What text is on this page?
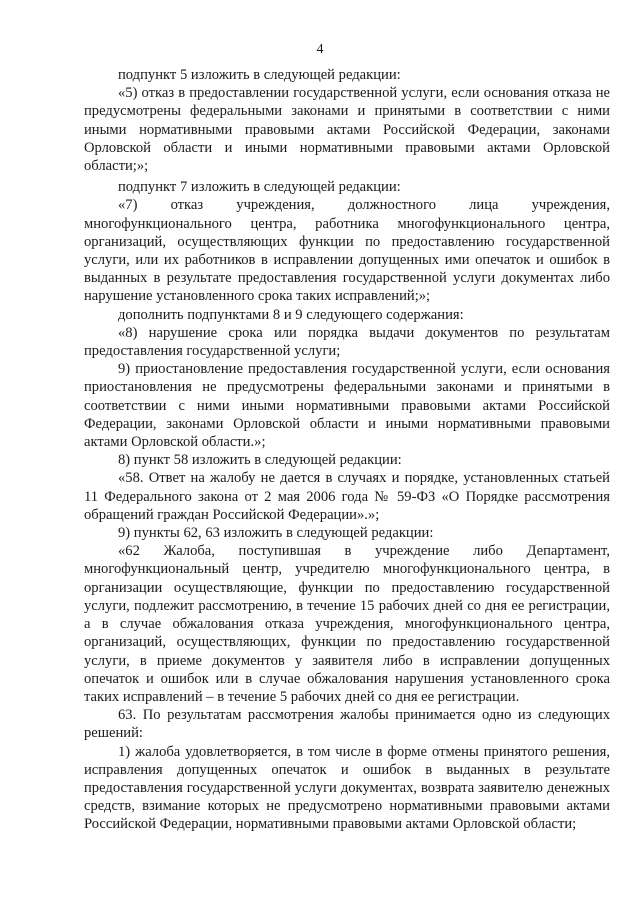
4

подпункт 5 изложить в следующей редакции:

«5) отказ в предоставлении государственной услуги, если основания отказа не предусмотрены федеральными законами и принятыми в соответствии с ними иными нормативными правовыми актами Российской Федерации, законами Орловской области и иными нормативными правовыми актами Орловской области;»;

подпункт 7 изложить в следующей редакции:

«7) отказ учреждения, должностного лица учреждения, многофункционального центра, работника многофункционального центра, организаций, осуществляющих функции по предоставлению государственной услуги, или их работников в исправлении допущенных ими опечаток и ошибок в выданных в результате предоставления государственной услуги документах либо нарушение установленного срока таких исправлений;»;

дополнить подпунктами 8 и 9 следующего содержания:

«8) нарушение срока или порядка выдачи документов по результатам предоставления государственной услуги;

9) приостановление предоставления государственной услуги, если основания приостановления не предусмотрены федеральными законами и принятыми в соответствии с ними иными нормативными правовыми актами Российской Федерации, законами Орловской области и иными нормативными правовыми актами Орловской области.»;

8) пункт 58 изложить в следующей редакции:

«58. Ответ на жалобу не дается в случаях и порядке, установленных статьей 11 Федерального закона от 2 мая 2006 года № 59-ФЗ «О Порядке рассмотрения обращений граждан Российской Федерации».»;

9) пункты 62, 63 изложить в следующей редакции:

«62 Жалоба, поступившая в учреждение либо Департамент, многофункциональный центр, учредителю многофункционального центра, в организации осуществляющие, функции по предоставлению государственной услуги, подлежит рассмотрению, в течение 15 рабочих дней со дня ее регистрации, а в случае обжалования отказа учреждения, многофункционального центра, организаций, осуществляющих, функции по предоставлению государственной услуги, в приеме документов у заявителя либо в исправлении допущенных опечаток и ошибок или в случае обжалования нарушения установленного срока таких исправлений – в течение 5 рабочих дней со дня ее регистрации.

63. По результатам рассмотрения жалобы принимается одно из следующих решений:

1) жалоба удовлетворяется, в том числе в форме отмены принятого решения, исправления допущенных опечаток и ошибок в выданных в результате предоставления государственной услуги документах, возврата заявителю денежных средств, взимание которых не предусмотрено нормативными правовыми актами Российской Федерации, нормативными правовыми актами Орловской области;
